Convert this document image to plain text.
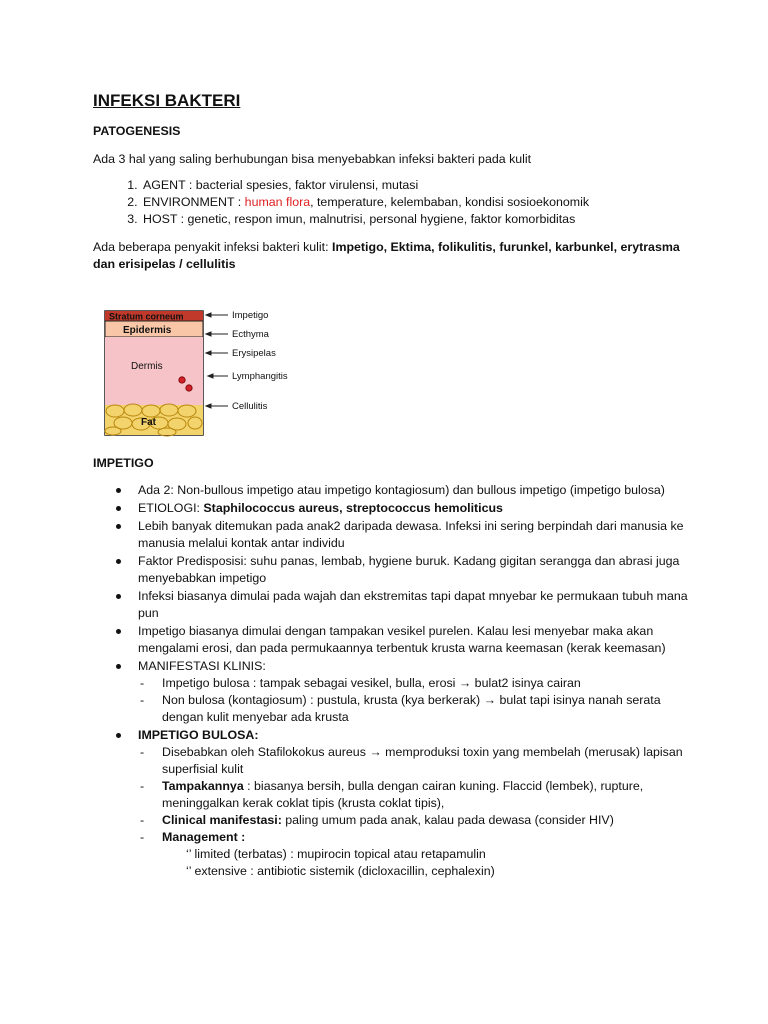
INFEKSI BAKTERI
PATOGENESIS
Ada 3 hal yang saling berhubungan bisa menyebabkan infeksi bakteri pada kulit
1. AGENT : bacterial spesies, faktor virulensi, mutasi
2. ENVIRONMENT : human flora, temperature, kelembaban, kondisi sosioekonomik
3. HOST : genetic, respon imun, malnutrisi, personal hygiene, faktor komorbiditas
Ada beberapa penyakit infeksi bakteri kulit: Impetigo, Ektima, folikulitis, furunkel, karbunkel, erytrasma dan erisipelas / cellulitis
Stratum corneum
Epidermis
Dermis
Fat
Impetigo
Ecthyma
Erysipelas
Lymphangitis
Cellulitis
IMPETIGO
Ada 2: Non-bullous impetigo atau impetigo kontagiosum) dan bullous impetigo (impetigo bulosa)
ETIOLOGI: Staphilococcus aureus, streptococcus hemoliticus
Lebih banyak ditemukan pada anak2 daripada dewasa. Infeksi ini sering berpindah dari manusia ke manusia melalui kontak antar individu
Faktor Predisposisi: suhu panas, lembab, hygiene buruk. Kadang gigitan serangga dan abrasi juga menyebabkan impetigo
Infeksi biasanya dimulai pada wajah dan ekstremitas tapi dapat mnyebar ke permukaan tubuh mana pun
Impetigo biasanya dimulai dengan tampakan vesikel purelen. Kalau lesi menyebar maka akan mengalami erosi, dan pada permukaannya terbentuk krusta warna keemasan (kerak keemasan)
MANIFESTASI KLINIS:
- Impetigo bulosa : tampak sebagai vesikel, bulla, erosi → bulat2 isinya cairan
- Non bulosa (kontagiosum) : pustula, krusta (kya berkerak) → bulat tapi isinya nanah serata dengan kulit menyebar ada krusta
IMPETIGO BULOSA:
- Disebabkan oleh Stafilokokus aureus → memproduksi toxin yang membelah (merusak) lapisan superfisial kulit
- Tampakannya : biasanya bersih, bulla dengan cairan kuning. Flaccid (lembek), rupture, meninggalkan kerak coklat tipis (krusta coklat tipis),
- Clinical manifestasi: paling umum pada anak, kalau pada dewasa (consider HIV)
- Management :
‘’ limited (terbatas) : mupirocin topical atau retapamulin
‘’ extensive : antibiotic sistemik (dicloxacillin, cephalexin)
